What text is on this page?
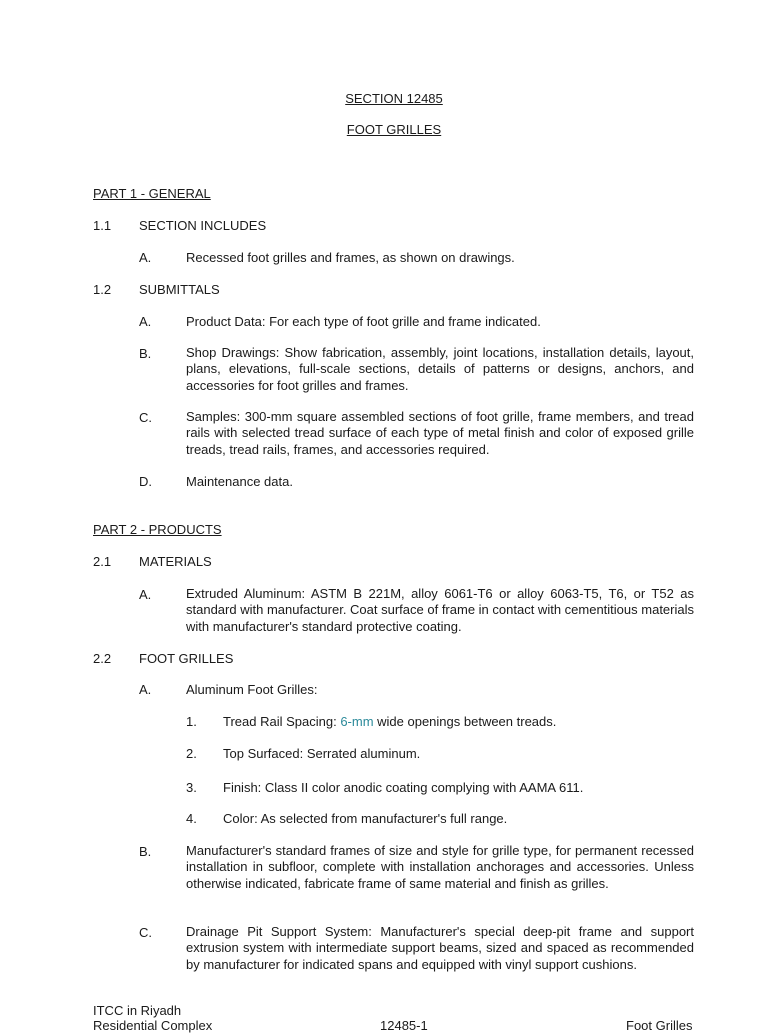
SECTION 12485
FOOT GRILLES
PART 1 - GENERAL
1.1 SECTION INCLUDES
A.	Recessed foot grilles and frames, as shown on drawings.
1.2 SUBMITTALS
A.	Product Data: For each type of foot grille and frame indicated.
B.	Shop Drawings: Show fabrication, assembly, joint locations, installation details, layout, plans, elevations, full-scale sections, details of patterns or designs, anchors, and accessories for foot grilles and frames.
C.	Samples: 300-mm square assembled sections of foot grille, frame members, and tread rails with selected tread surface of each type of metal finish and color of exposed grille treads, tread rails, frames, and accessories required.
D.	Maintenance data.
PART 2 - PRODUCTS
2.1 MATERIALS
A.	Extruded Aluminum: ASTM B 221M, alloy 6061-T6 or alloy 6063-T5, T6, or T52 as standard with manufacturer. Coat surface of frame in contact with cementitious materials with manufacturer's standard protective coating.
2.2 FOOT GRILLES
A.	Aluminum Foot Grilles:
1. Tread Rail Spacing: 6-mm wide openings between treads.
2. Top Surfaced: Serrated aluminum.
3. Finish: Class II color anodic coating complying with AAMA 611.
4. Color: As selected from manufacturer's full range.
B.	Manufacturer's standard frames of size and style for grille type, for permanent recessed installation in subfloor, complete with installation anchorages and accessories. Unless otherwise indicated, fabricate frame of same material and finish as grilles.
C.	Drainage Pit Support System: Manufacturer's special deep-pit frame and support extrusion system with intermediate support beams, sized and spaced as recommended by manufacturer for indicated spans and equipped with vinyl support cushions.
ITCC in Riyadh
Residential Complex	12485-1	Foot Grilles
